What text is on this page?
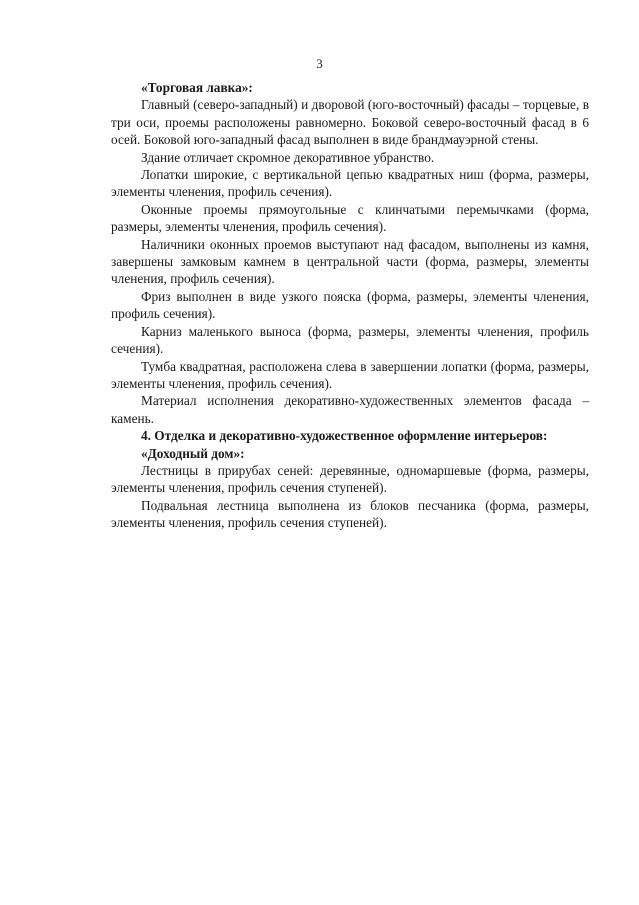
3

«Торговая лавка»:

Главный (северо-западный) и дворовой (юго-восточный) фасады – торцевые, в три оси, проемы расположены равномерно. Боковой северо-восточный фасад в 6 осей. Боковой юго-западный фасад выполнен в виде брандмауэрной стены.

Здание отличает скромное декоративное убранство.

Лопатки широкие, с вертикальной цепью квадратных ниш (форма, размеры, элементы членения, профиль сечения).

Оконные проемы прямоугольные с клинчатыми перемычками (форма, размеры, элементы членения, профиль сечения).

Наличники оконных проемов выступают над фасадом, выполнены из камня, завершены замковым камнем в центральной части (форма, размеры, элементы членения, профиль сечения).

Фриз выполнен в виде узкого пояска (форма, размеры, элементы членения, профиль сечения).

Карниз маленького выноса (форма, размеры, элементы членения, профиль сечения).

Тумба квадратная, расположена слева в завершении лопатки (форма, размеры, элементы членения, профиль сечения).

Материал исполнения декоративно-художественных элементов фасада – камень.

4. Отделка и декоративно-художественное оформление интерьеров:

«Доходный дом»:

Лестницы в прирубах сеней: деревянные, одномаршевые (форма, размеры, элементы членения, профиль сечения ступеней).

Подвальная лестница выполнена из блоков песчаника (форма, размеры, элементы членения, профиль сечения ступеней).
